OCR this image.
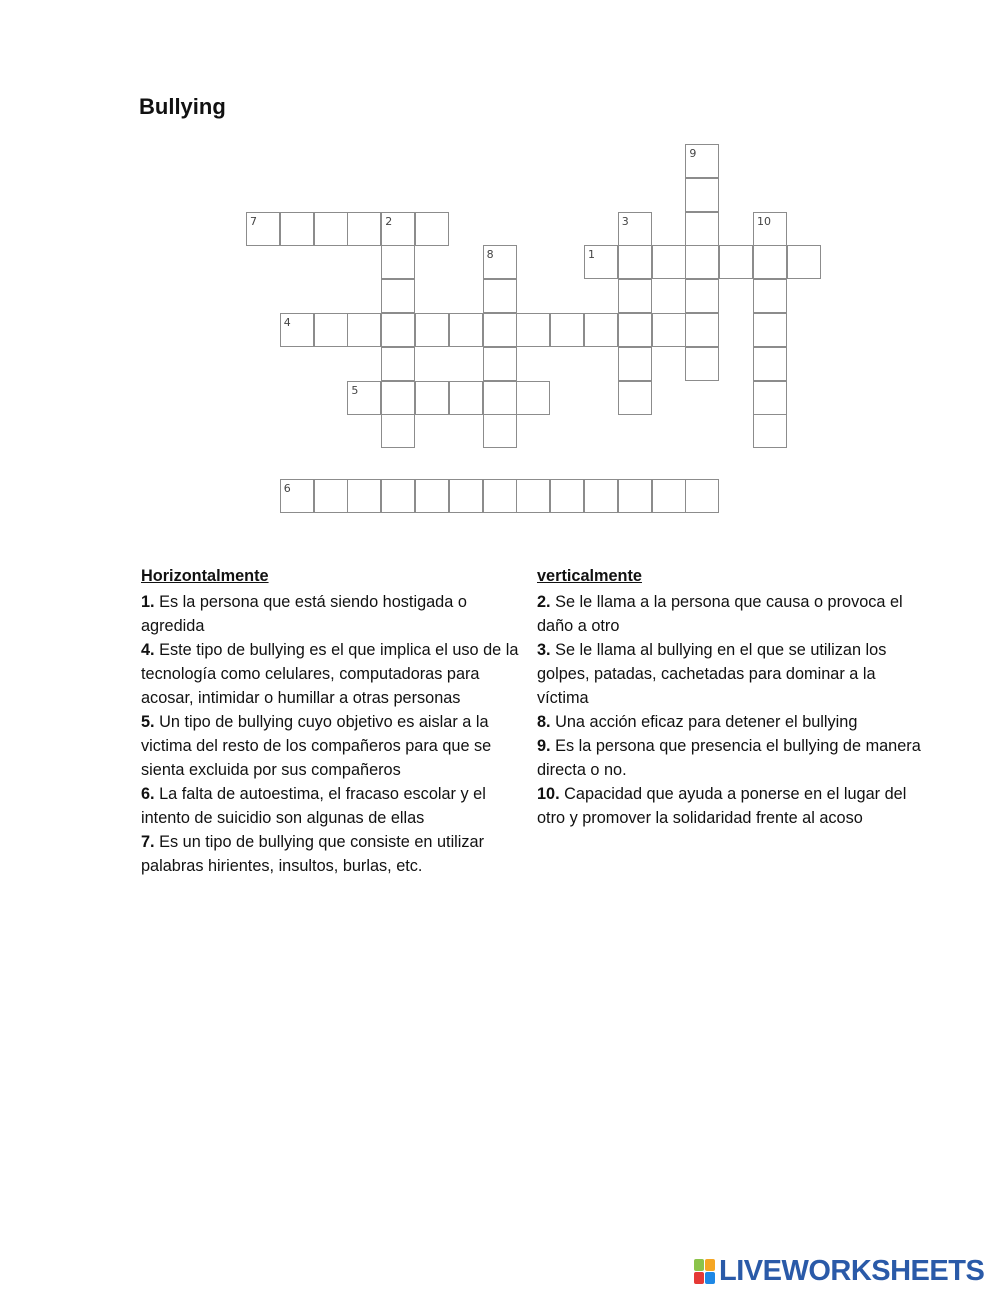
Bullying
9
7	2	3	10
8	1
4
5
6
Horizontalmente

1. Es la persona que está siendo hostigada o agredida

4. Este tipo de bullying es el que implica el uso de la tecnología como celulares, computadoras para acosar, intimidar o humillar a otras personas

5. Un tipo de bullying cuyo objetivo es aislar a la victima del resto de los compañeros para que se sienta excluida por sus compañeros

6. La falta de autoestima, el fracaso escolar y el intento de suicidio son algunas de ellas

7. Es un tipo de bullying que consiste en utilizar palabras hirientes, insultos, burlas, etc.

verticalmente

2. Se le llama a la persona que causa o provoca el daño a otro

3. Se le llama al bullying en el que se utilizan los golpes, patadas, cachetadas para dominar a la víctima

8. Una acción eficaz para detener el bullying

9. Es la persona que presencia el bullying de manera directa o no.

10. Capacidad que ayuda a ponerse en el lugar del otro y promover la solidaridad frente al acoso

LIVEWORKSHEETS
